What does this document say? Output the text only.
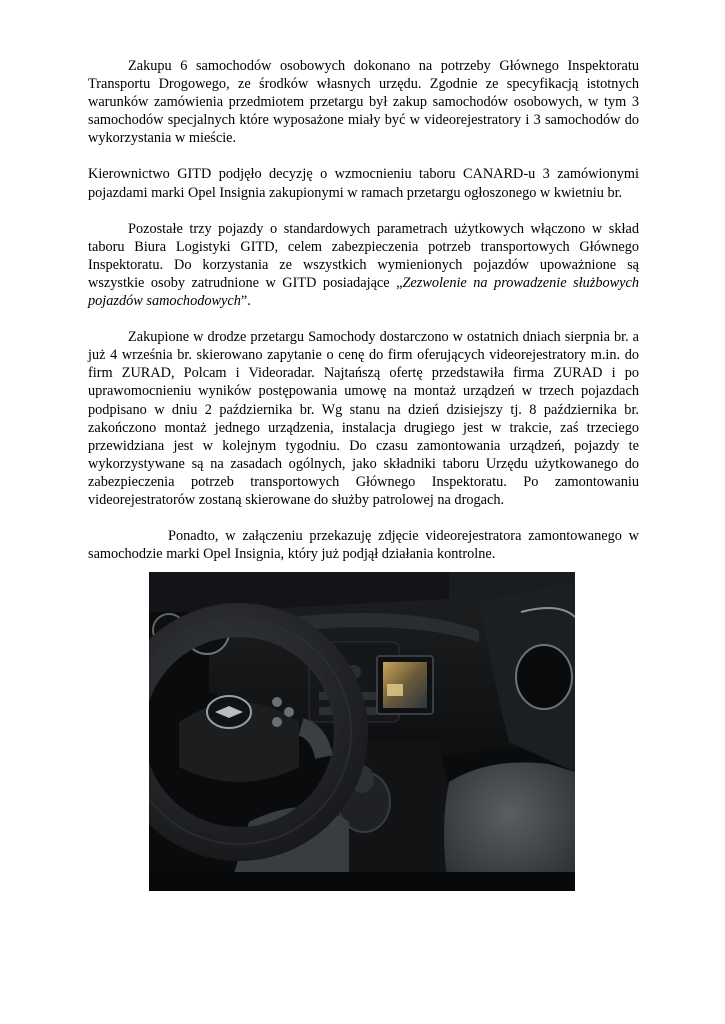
Zakupu 6 samochodów osobowych dokonano na potrzeby Głównego Inspektoratu Transportu Drogowego, ze środków własnych urzędu. Zgodnie ze specyfikacją istotnych warunków zamówienia przedmiotem przetargu był zakup samochodów osobowych, w tym 3 samochodów specjalnych które wyposażone miały być w videorejestratory i 3 samochodów do wykorzystania w mieście.

Kierownictwo GITD podjęło decyzję o wzmocnieniu taboru CANARD-u 3 zamówionymi pojazdami marki Opel Insignia zakupionymi w ramach przetargu ogłoszonego w kwietniu br.

Pozostałe trzy pojazdy o standardowych parametrach użytkowych włączono w skład taboru Biura Logistyki GITD, celem zabezpieczenia potrzeb transportowych Głównego Inspektoratu. Do korzystania ze wszystkich wymienionych pojazdów upoważnione są wszystkie osoby zatrudnione w GITD posiadające „Zezwolenie na prowadzenie służbowych pojazdów samochodowych”.

Zakupione w drodze przetargu Samochody dostarczono w ostatnich dniach sierpnia br. a już 4 września br. skierowano zapytanie o cenę do firm oferujących videorejestratory m.in. do firm ZURAD, Polcam i Videoradar. Najtańszą ofertę przedstawiła firma ZURAD i po uprawomocnieniu wyników postępowania umowę na montaż urządzeń w trzech pojazdach podpisano w dniu 2 października br. Wg stanu na dzień dzisiejszy tj. 8 października br. zakończono montaż jednego urządzenia, instalacja drugiego jest w trakcie, zaś trzeciego przewidziana jest w kolejnym tygodniu. Do czasu zamontowania urządzeń, pojazdy te wykorzystywane są na zasadach ogólnych, jako składniki taboru Urzędu użytkowanego do zabezpieczenia potrzeb transportowych Głównego Inspektoratu. Po zamontowaniu videorejestratorów zostaną skierowane do służby patrolowej na drogach.

Ponadto, w załączeniu przekazuję zdjęcie videorejestratora zamontowanego w samochodzie marki Opel Insignia, który już podjął działania kontrolne.
